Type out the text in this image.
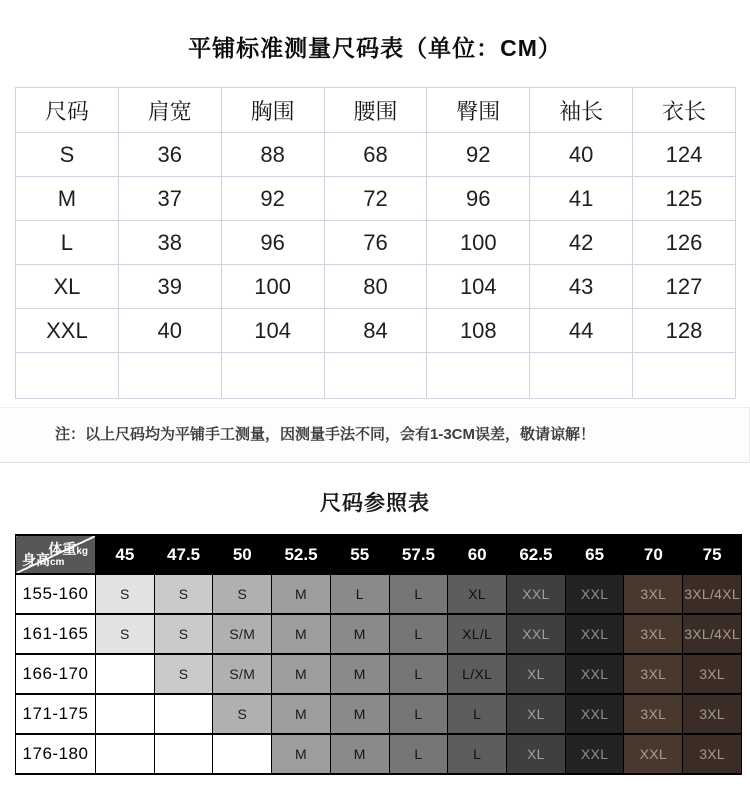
平铺标准测量尺码表（单位：CM）
尺码	肩宽	胸围	腰围	臀围	袖长	衣长
S	36	88	68	92	40	124
M	37	92	72	96	41	125
L	38	96	76	100	42	126
XL	39	100	80	104	43	127
XXL	40	104	84	108	44	128

注：以上尺码均为平铺手工测量，因测量手法不同，会有1-3CM误差，敬请谅解！
尺码参照表
体重kg
身高cm	45	47.5	50	52.5	55	57.5	60	62.5	65	70	75
155-160	S	S	S	M	L	L	XL	XXL	XXL	3XL	3XL/4XL
161-165	S	S	S/M	M	M	L	XL/L	XXL	XXL	3XL	3XL/4XL
166-170		S	S/M	M	M	L	L/XL	XL	XXL	3XL	3XL
171-175			S	M	M	L	L	XL	XXL	3XL	3XL
176-180				M	M	L	L	XL	XXL	XXL	3XL
